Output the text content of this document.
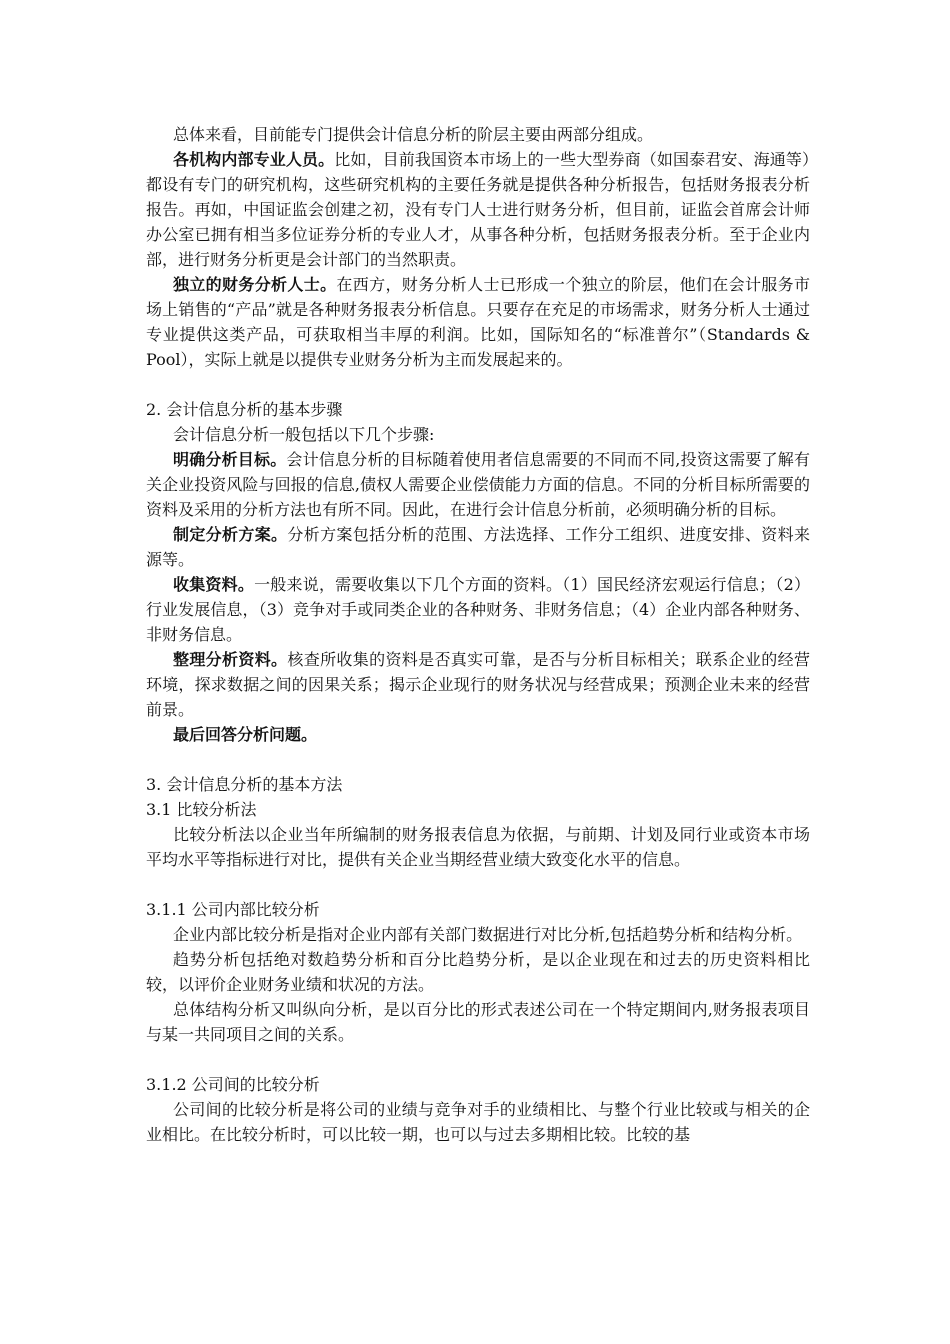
总体来看，目前能专门提供会计信息分析的阶层主要由两部分组成。

各机构内部专业人员。比如，目前我国资本市场上的一些大型券商（如国泰君安、海通等）都设有专门的研究机构，这些研究机构的主要任务就是提供各种分析报告，包括财务报表分析报告。再如，中国证监会创建之初，没有专门人士进行财务分析，但目前，证监会首席会计师办公室已拥有相当多位证券分析的专业人才，从事各种分析，包括财务报表分析。至于企业内部，进行财务分析更是会计部门的当然职责。

独立的财务分析人士。在西方，财务分析人士已形成一个独立的阶层，他们在会计服务市场上销售的“产品”就是各种财务报表分析信息。只要存在充足的市场需求，财务分析人士通过专业提供这类产品，可获取相当丰厚的利润。比如，国际知名的“标准普尔”（Standards & Pool），实际上就是以提供专业财务分析为主而发展起来的。

2. 会计信息分析的基本步骤

会计信息分析一般包括以下几个步骤:

明确分析目标。会计信息分析的目标随着使用者信息需要的不同而不同,投资这需要了解有关企业投资风险与回报的信息,债权人需要企业偿债能力方面的信息。不同的分析目标所需要的资料及采用的分析方法也有所不同。因此，在进行会计信息分析前，必须明确分析的目标。

制定分析方案。分析方案包括分析的范围、方法选择、工作分工组织、进度安排、资料来源等。

收集资料。一般来说，需要收集以下几个方面的资料。（1）国民经济宏观运行信息；（2）行业发展信息，（3）竞争对手或同类企业的各种财务、非财务信息；（4）企业内部各种财务、非财务信息。

整理分析资料。核查所收集的资料是否真实可靠，是否与分析目标相关；联系企业的经营环境，探求数据之间的因果关系；揭示企业现行的财务状况与经营成果；预测企业未来的经营前景。

最后回答分析问题。

3. 会计信息分析的基本方法

3.1 比较分析法

比较分析法以企业当年所编制的财务报表信息为依据，与前期、计划及同行业或资本市场平均水平等指标进行对比，提供有关企业当期经营业绩大致变化水平的信息。

3.1.1 公司内部比较分析

企业内部比较分析是指对企业内部有关部门数据进行对比分析,包括趋势分析和结构分析。

趋势分析包括绝对数趋势分析和百分比趋势分析，是以企业现在和过去的历史资料相比较，以评价企业财务业绩和状况的方法。

总体结构分析又叫纵向分析，是以百分比的形式表述公司在一个特定期间内,财务报表项目与某一共同项目之间的关系。

3.1.2 公司间的比较分析

公司间的比较分析是将公司的业绩与竞争对手的业绩相比、与整个行业比较或与相关的企业相比。在比较分析时，可以比较一期，也可以与过去多期相比较。比较的基
